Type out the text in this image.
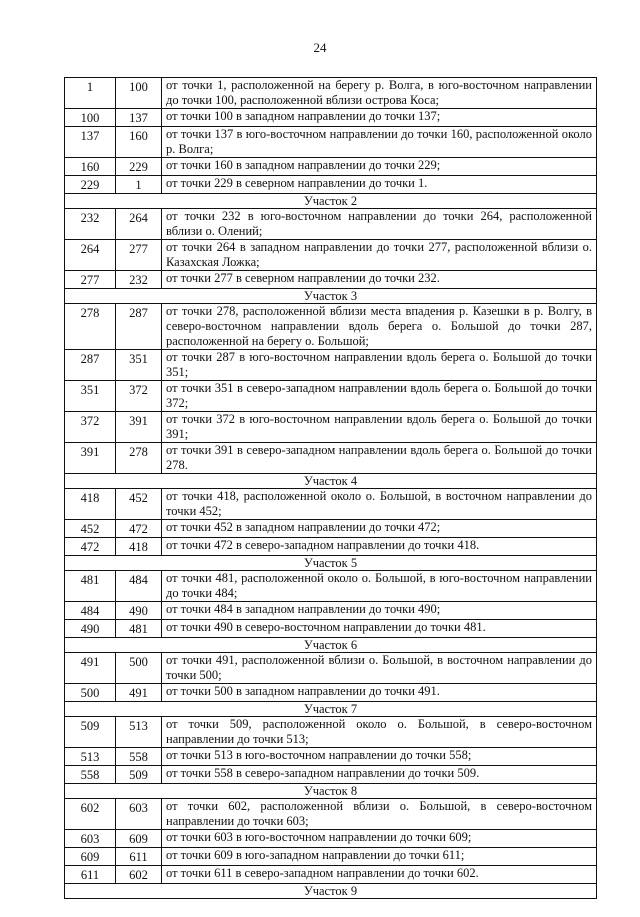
24
1	100	от точки 1, расположенной на берегу р. Волга, в юго-восточном направлении до точки 100, расположенной вблизи острова Коса;
100	137	от точки 100 в западном направлении до точки 137;
137	160	от точки 137 в юго-восточном направлении до точки 160, расположенной около р. Волга;
160	229	от точки 160 в западном направлении до точки 229;
229	1	от точки 229 в северном направлении до точки 1.
Участок 2		
232	264	от точки 232 в юго-восточном направлении до точки 264, расположенной вблизи о. Олений;
264	277	от точки 264 в западном направлении до точки 277, расположенной вблизи о. Казахская Ложка;
277	232	от точки 277 в северном направлении до точки 232.
Участок 3		
278	287	от точки 278, расположенной вблизи места впадения р. Казешки в р. Волгу, в северо-восточном направлении вдоль берега о. Большой до точки 287, расположенной на берегу о. Большой;
287	351	от точки 287 в юго-восточном направлении вдоль берега о. Большой до точки 351;
351	372	от точки 351 в северо-западном направлении вдоль берега о. Большой до точки 372;
372	391	от точки 372 в юго-восточном направлении вдоль берега о. Большой до точки 391;
391	278	от точки 391 в северо-западном направлении вдоль берега о. Большой до точки 278.
Участок 4		
418	452	от точки 418, расположенной около о. Большой, в восточном направлении до точки 452;
452	472	от точки 452 в западном направлении до точки 472;
472	418	от точки 472 в северо-западном направлении до точки 418.
Участок 5		
481	484	от точки 481, расположенной около о. Большой, в юго-восточном направлении до точки 484;
484	490	от точки 484 в западном направлении до точки 490;
490	481	от точки 490 в северо-восточном направлении до точки 481.
Участок 6		
491	500	от точки 491, расположенной вблизи о. Большой, в восточном направлении до точки 500;
500	491	от точки 500 в западном направлении до точки 491.
Участок 7		
509	513	от точки 509, расположенной около о. Большой, в северо-восточном направлении до точки 513;
513	558	от точки 513 в юго-восточном направлении до точки 558;
558	509	от точки 558 в северо-западном направлении до точки 509.
Участок 8		
602	603	от точки 602, расположенной вблизи о. Большой, в северо-восточном направлении до точки 603;
603	609	от точки 603 в юго-восточном направлении до точки 609;
609	611	от точки 609 в юго-западном направлении до точки 611;
611	602	от точки 611 в северо-западном направлении до точки 602.
Участок 9		
